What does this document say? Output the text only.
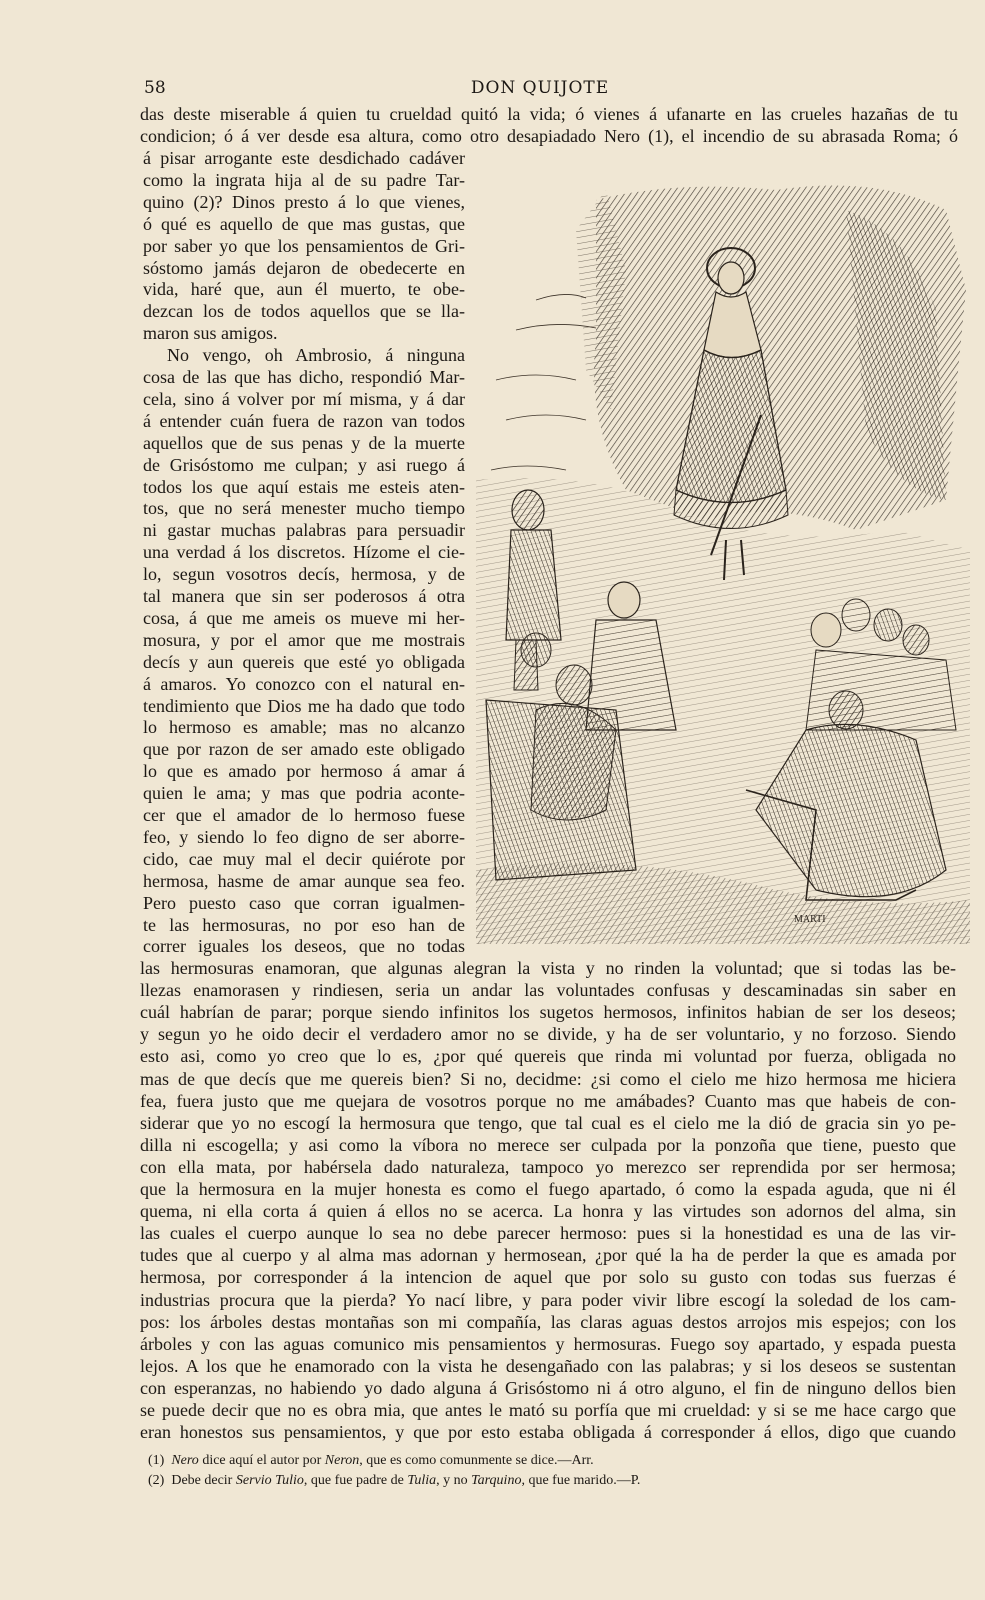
58	DON QUIJOTE
das deste miserable á quien tu crueldad quitó la vida; ó vienes á ufanarte en las crueles hazañas de tu
condicion; ó á ver desde esa altura, como otro desapiadado Nero (1), el incendio de su abrasada Roma; ó
á pisar arrogante este desdichado cadáver
como la ingrata hija al de su padre Tar-
quino (2)? Dinos presto á lo que vienes,
ó qué es aquello de que mas gustas, que
por saber yo que los pensamientos de Gri-
sóstomo jamás dejaron de obedecerte en
vida, haré que, aun él muerto, te obe-
dezcan los de todos aquellos que se lla-
maron sus amigos.
No vengo, oh Ambrosio, á ninguna
cosa de las que has dicho, respondió Mar-
cela, sino á volver por mí misma, y á dar
á entender cuán fuera de razon van todos
aquellos que de sus penas y de la muerte
de Grisóstomo me culpan; y asi ruego á
todos los que aquí estais me esteis aten-
tos, que no será menester mucho tiempo
ni gastar muchas palabras para persuadir
una verdad á los discretos. Hízome el cie-
lo, segun vosotros decís, hermosa, y de
tal manera que sin ser poderosos á otra
cosa, á que me ameis os mueve mi her-
mosura, y por el amor que me mostrais
decís y aun quereis que esté yo obligada
á amaros. Yo conozco con el natural en-
tendimiento que Dios me ha dado que todo
lo hermoso es amable; mas no alcanzo
que por razon de ser amado este obligado
lo que es amado por hermoso á amar á
quien le ama; y mas que podria aconte-
cer que el amador de lo hermoso fuese
feo, y siendo lo feo digno de ser aborre-
cido, cae muy mal el decir quiérote por
hermosa, hasme de amar aunque sea feo.
Pero puesto caso que corran igualmen-
te las hermosuras, no por eso han de
correr iguales los deseos, que no todas
las hermosuras enamoran, que algunas alegran la vista y no rinden la voluntad; que si todas las be-
llezas enamorasen y rindiesen, seria un andar las voluntades confusas y descaminadas sin saber en
cuál habrían de parar; porque siendo infinitos los sugetos hermosos, infinitos habian de ser los deseos;
y segun yo he oido decir el verdadero amor no se divide, y ha de ser voluntario, y no forzoso. Siendo
esto asi, como yo creo que lo es, ¿por qué quereis que rinda mi voluntad por fuerza, obligada no
mas de que decís que me quereis bien? Si no, decidme: ¿si como el cielo me hizo hermosa me hiciera
fea, fuera justo que me quejara de vosotros porque no me amábades? Cuanto mas que habeis de con-
siderar que yo no escogí la hermosura que tengo, que tal cual es el cielo me la dió de gracia sin yo pe-
dilla ni escogella; y asi como la víbora no merece ser culpada por la ponzoña que tiene, puesto que
con ella mata, por habérsela dado naturaleza, tampoco yo merezco ser reprendida por ser hermosa;
que la hermosura en la mujer honesta es como el fuego apartado, ó como la espada aguda, que ni él
quema, ni ella corta á quien á ellos no se acerca. La honra y las virtudes son adornos del alma, sin
las cuales el cuerpo aunque lo sea no debe parecer hermoso: pues si la honestidad es una de las vir-
tudes que al cuerpo y al alma mas adornan y hermosean, ¿por qué la ha de perder la que es amada por
hermosa, por corresponder á la intencion de aquel que por solo su gusto con todas sus fuerzas é
industrias procura que la pierda? Yo nací libre, y para poder vivir libre escogí la soledad de los cam-
pos: los árboles destas montañas son mi compañía, las claras aguas destos arrojos mis espejos; con los
árboles y con las aguas comunico mis pensamientos y hermosuras. Fuego soy apartado, y espada puesta
lejos. A los que he enamorado con la vista he desengañado con las palabras; y si los deseos se sustentan
con esperanzas, no habiendo yo dado alguna á Grisóstomo ni á otro alguno, el fin de ninguno dellos bien
se puede decir que no es obra mia, que antes le mató su porfía que mi crueldad: y si se me hace cargo que
eran honestos sus pensamientos, y que por esto estaba obligada á corresponder á ellos, digo que cuando
MARTI
(1) Nero dice aquí el autor por Neron, que es como comunmente se dice.—Arr.
(2) Debe decir Servio Tulio, que fue padre de Tulia, y no Tarquino, que fue marido.—P.
